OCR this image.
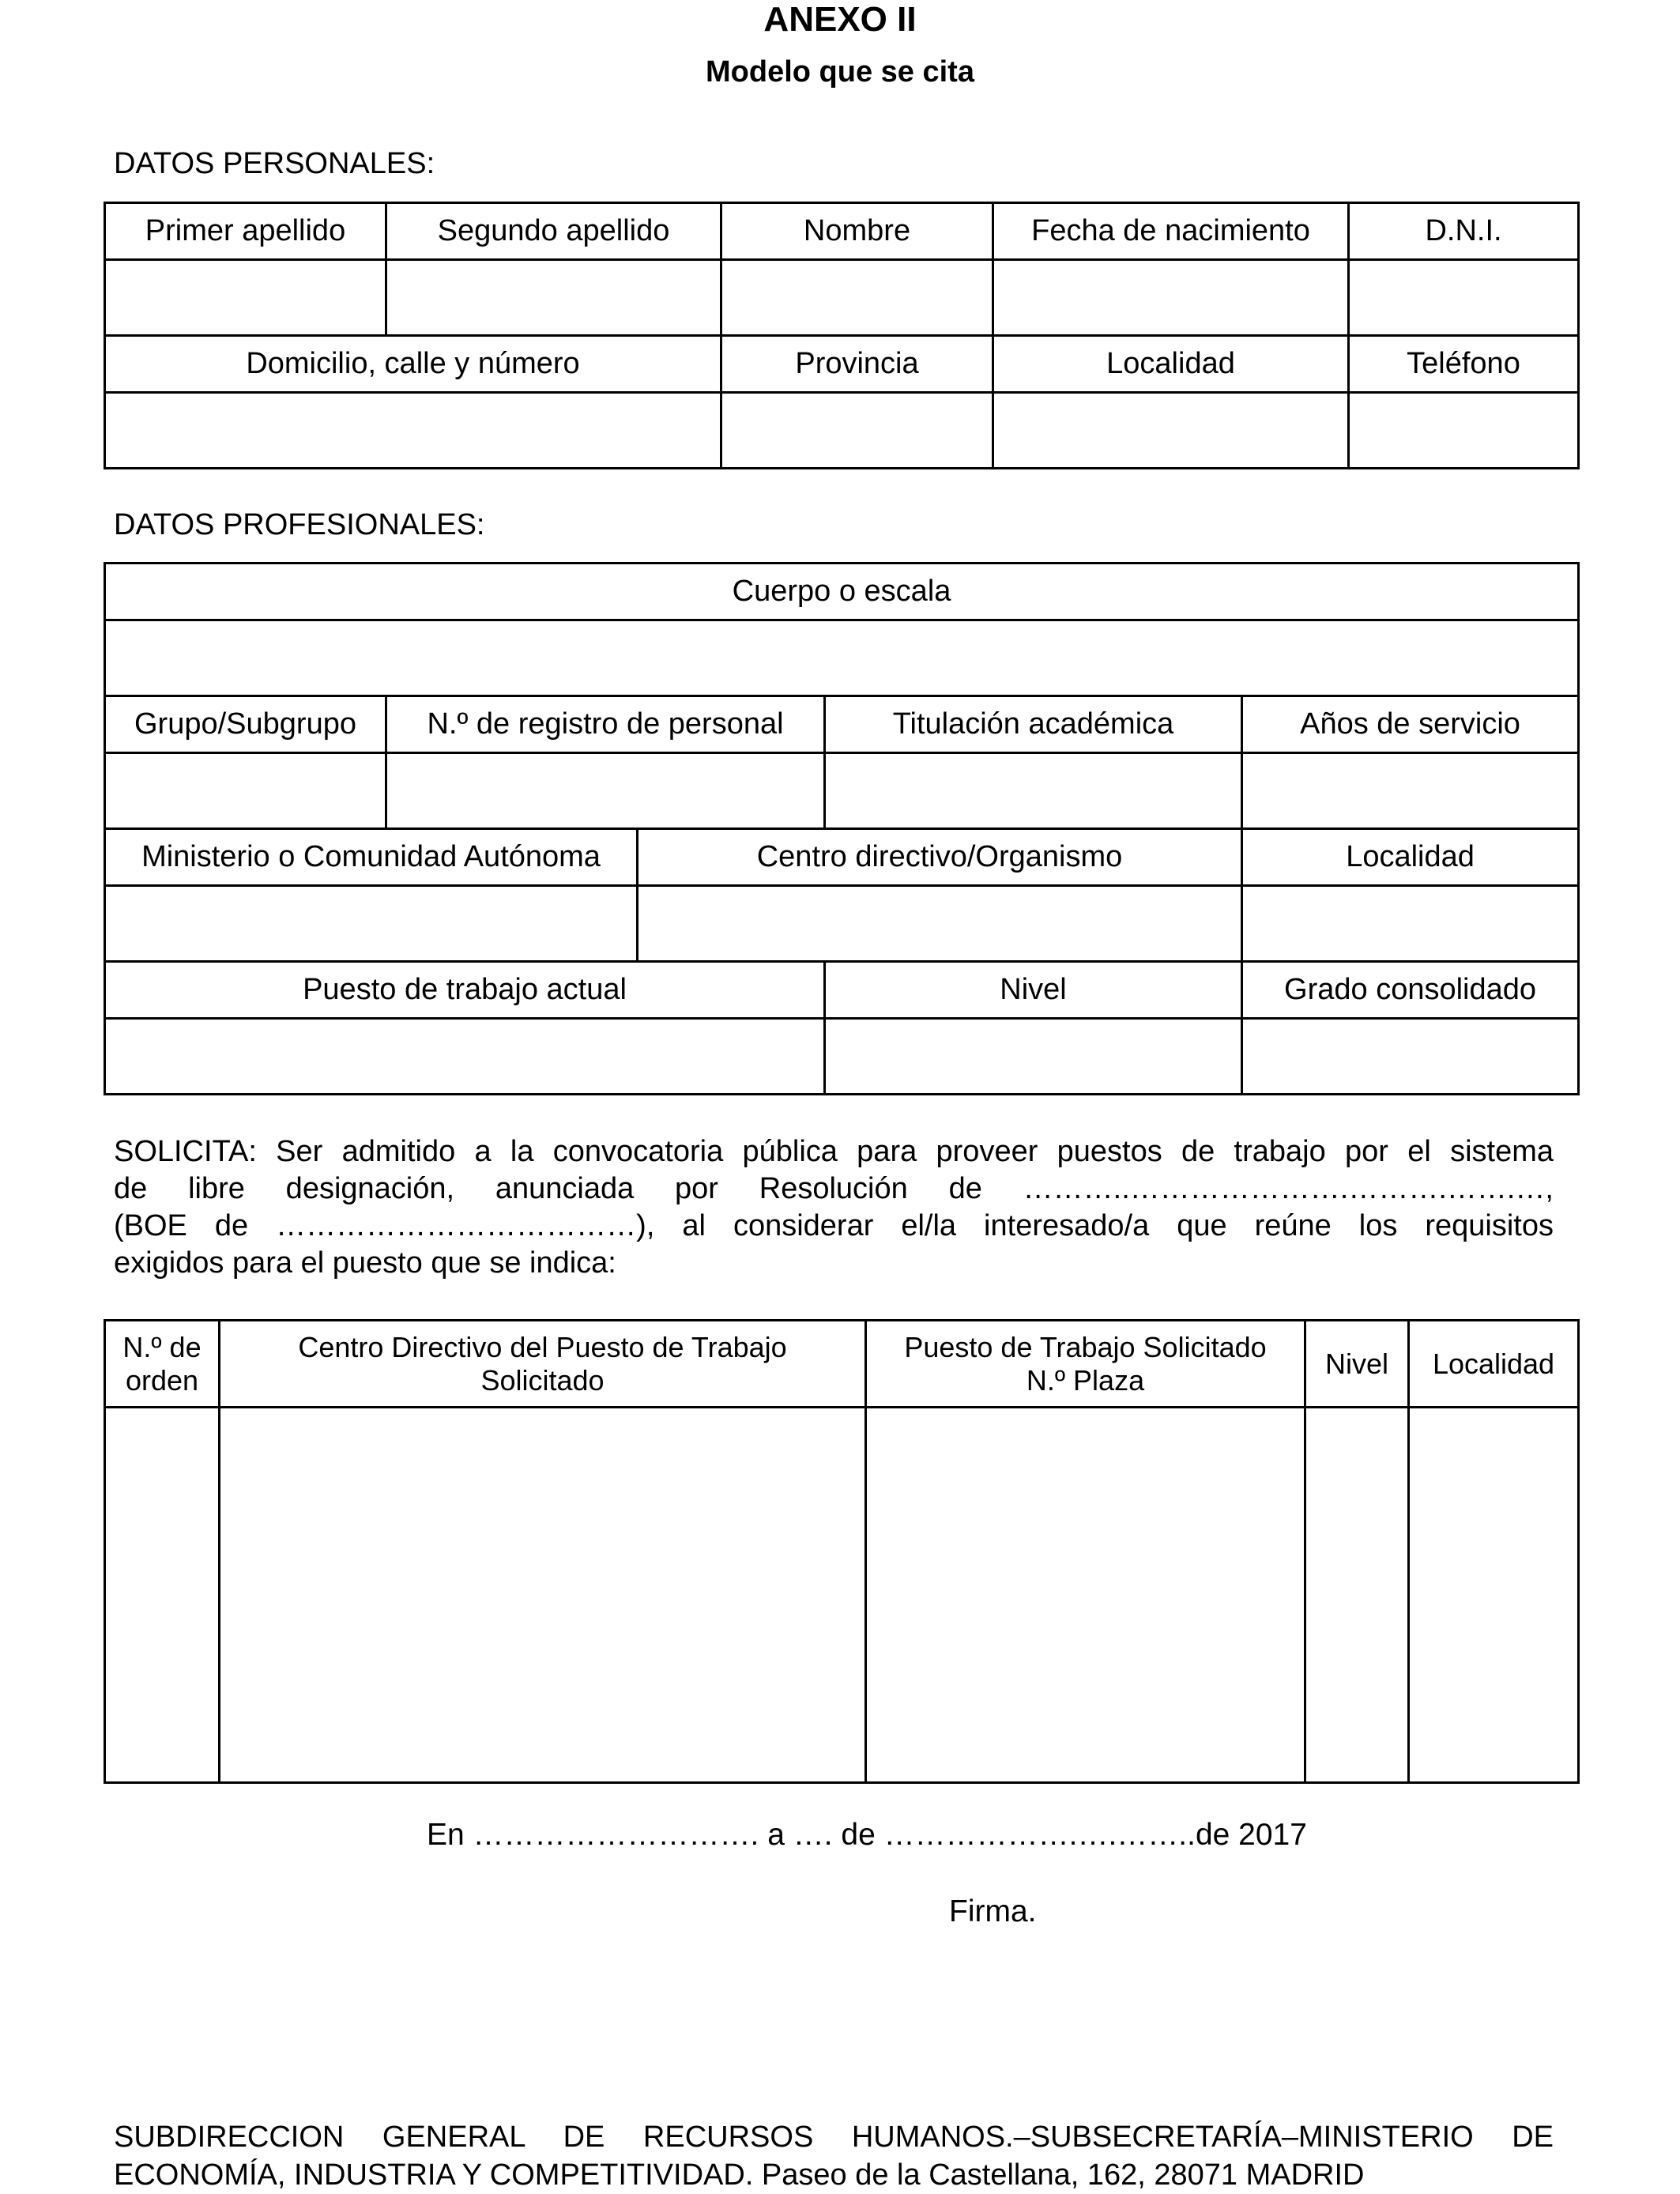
ANEXO II
Modelo que se cita
DATOS PERSONALES:
Primer apellido	Segundo apellido	Nombre	Fecha de nacimiento	D.N.I.

Domicilio, calle y número		Provincia	Localidad	Teléfono

DATOS PROFESIONALES:
Cuerpo o escala				

Grupo/Subgrupo	N.º de registro de personal		Titulación académica	Años de servicio

Ministerio o Comunidad Autónoma		Centro directivo/Organismo		Localidad

Puesto de trabajo actual			Nivel	Grado consolidado

SOLICITA: Ser admitido a la convocatoria pública para proveer puestos de trabajo por el sistema
de libre designación, anunciada por Resolución de ………..………………….……….…….…,
(BOE de ………………………………), al considerar el/la interesado/a que reúne los requisitos
exigidos para el puesto que se indica:
N.º de orden	Centro Directivo del Puesto de Trabajo Solicitado	Puesto de Trabajo Solicitado N.º Plaza	Nivel	Localidad

En ………………………. a …. de ……………….….……..de 2017
Firma.
SUBDIRECCION GENERAL DE RECURSOS HUMANOS.–SUBSECRETARÍA–MINISTERIO DE
ECONOMÍA, INDUSTRIA Y COMPETITIVIDAD. Paseo de la Castellana, 162, 28071 MADRID
